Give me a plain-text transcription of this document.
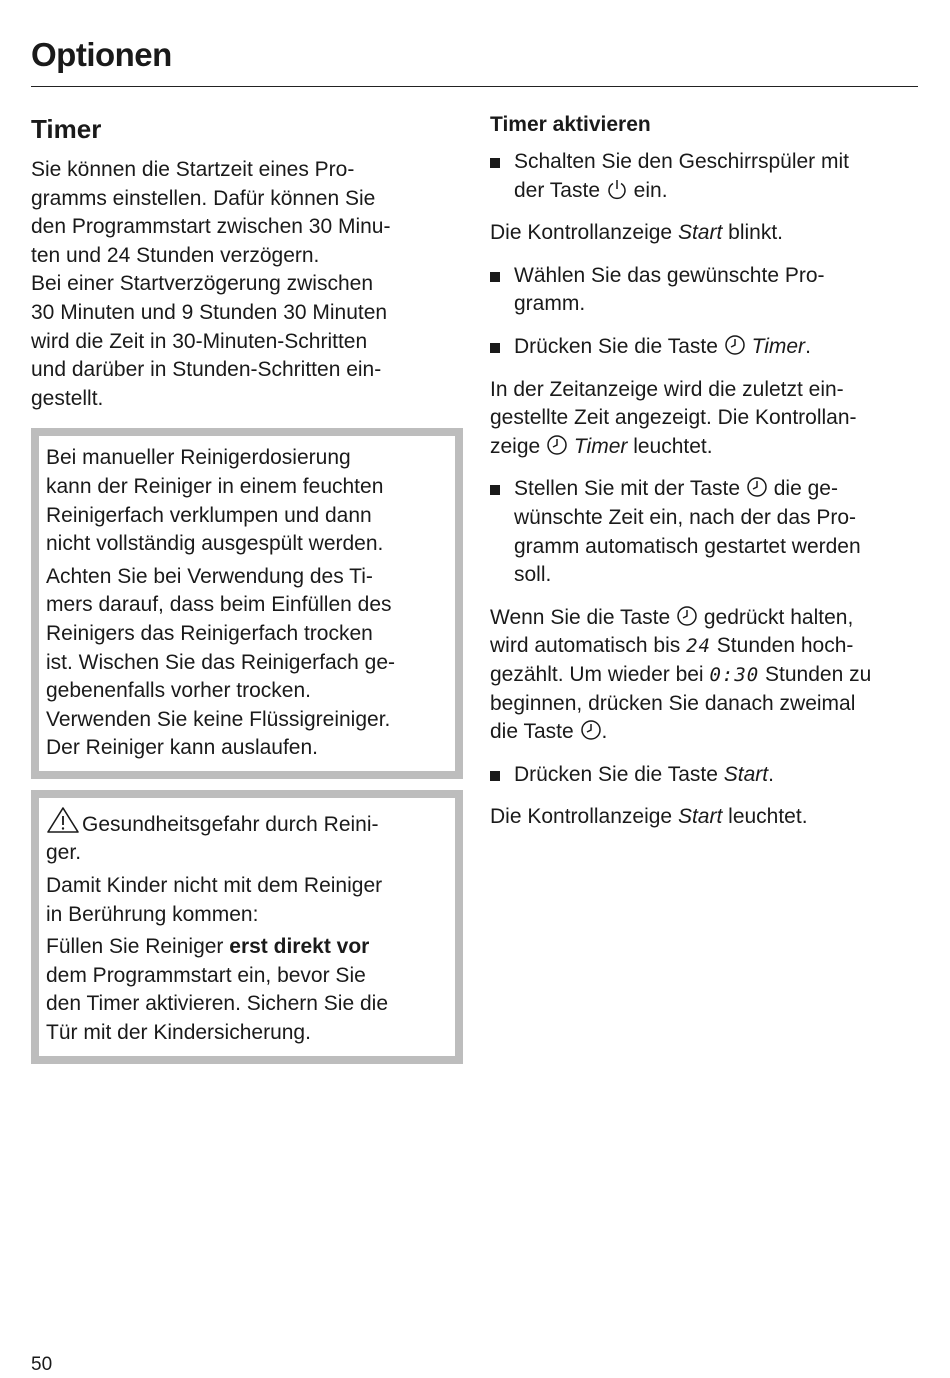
Optionen
Timer

Sie können die Startzeit eines Pro-
gramms einstellen. Dafür können Sie
den Programmstart zwischen 30 Minu-
ten und 24 Stunden verzögern.
Bei einer Startverzögerung zwischen
30 Minuten und 9 Stunden 30 Minuten
wird die Zeit in 30-Minuten-Schritten
und darüber in Stunden-Schritten ein-
gestellt.

Bei manueller Reinigerdosierung
kann der Reiniger in einem feuchten
Reinigerfach verklumpen und dann
nicht vollständig ausgespült werden.

Achten Sie bei Verwendung des Ti-
mers darauf, dass beim Einfüllen des
Reinigers das Reinigerfach trocken
ist. Wischen Sie das Reinigerfach ge-
gebenenfalls vorher trocken.
Verwenden Sie keine Flüssigreiniger.
Der Reiniger kann auslaufen.

Gesundheitsgefahr durch Reini-
ger.

Damit Kinder nicht mit dem Reiniger
in Berührung kommen:

Füllen Sie Reiniger erst direkt vor
dem Programmstart ein, bevor Sie
den Timer aktivieren. Sichern Sie die
Tür mit der Kindersicherung.

Timer aktivieren
Schalten Sie den Geschirrspüler mit
der Taste  ein.

Die Kontrollanzeige Start blinkt.

Wählen Sie das gewünschte Pro-
gramm.
Drücken Sie die Taste  Timer.

In der Zeitanzeige wird die zuletzt ein-
gestellte Zeit angezeigt. Die Kontrollan-
zeige  Timer leuchtet.

Stellen Sie mit der Taste  die ge-
wünschte Zeit ein, nach der das Pro-
gramm automatisch gestartet werden
soll.

Wenn Sie die Taste  gedrückt halten,
wird automatisch bis 24 Stunden hoch-
gezählt. Um wieder bei 0:30 Stunden zu
beginnen, drücken Sie danach zweimal
die Taste .

Drücken Sie die Taste Start.

Die Kontrollanzeige Start leuchtet.

50
